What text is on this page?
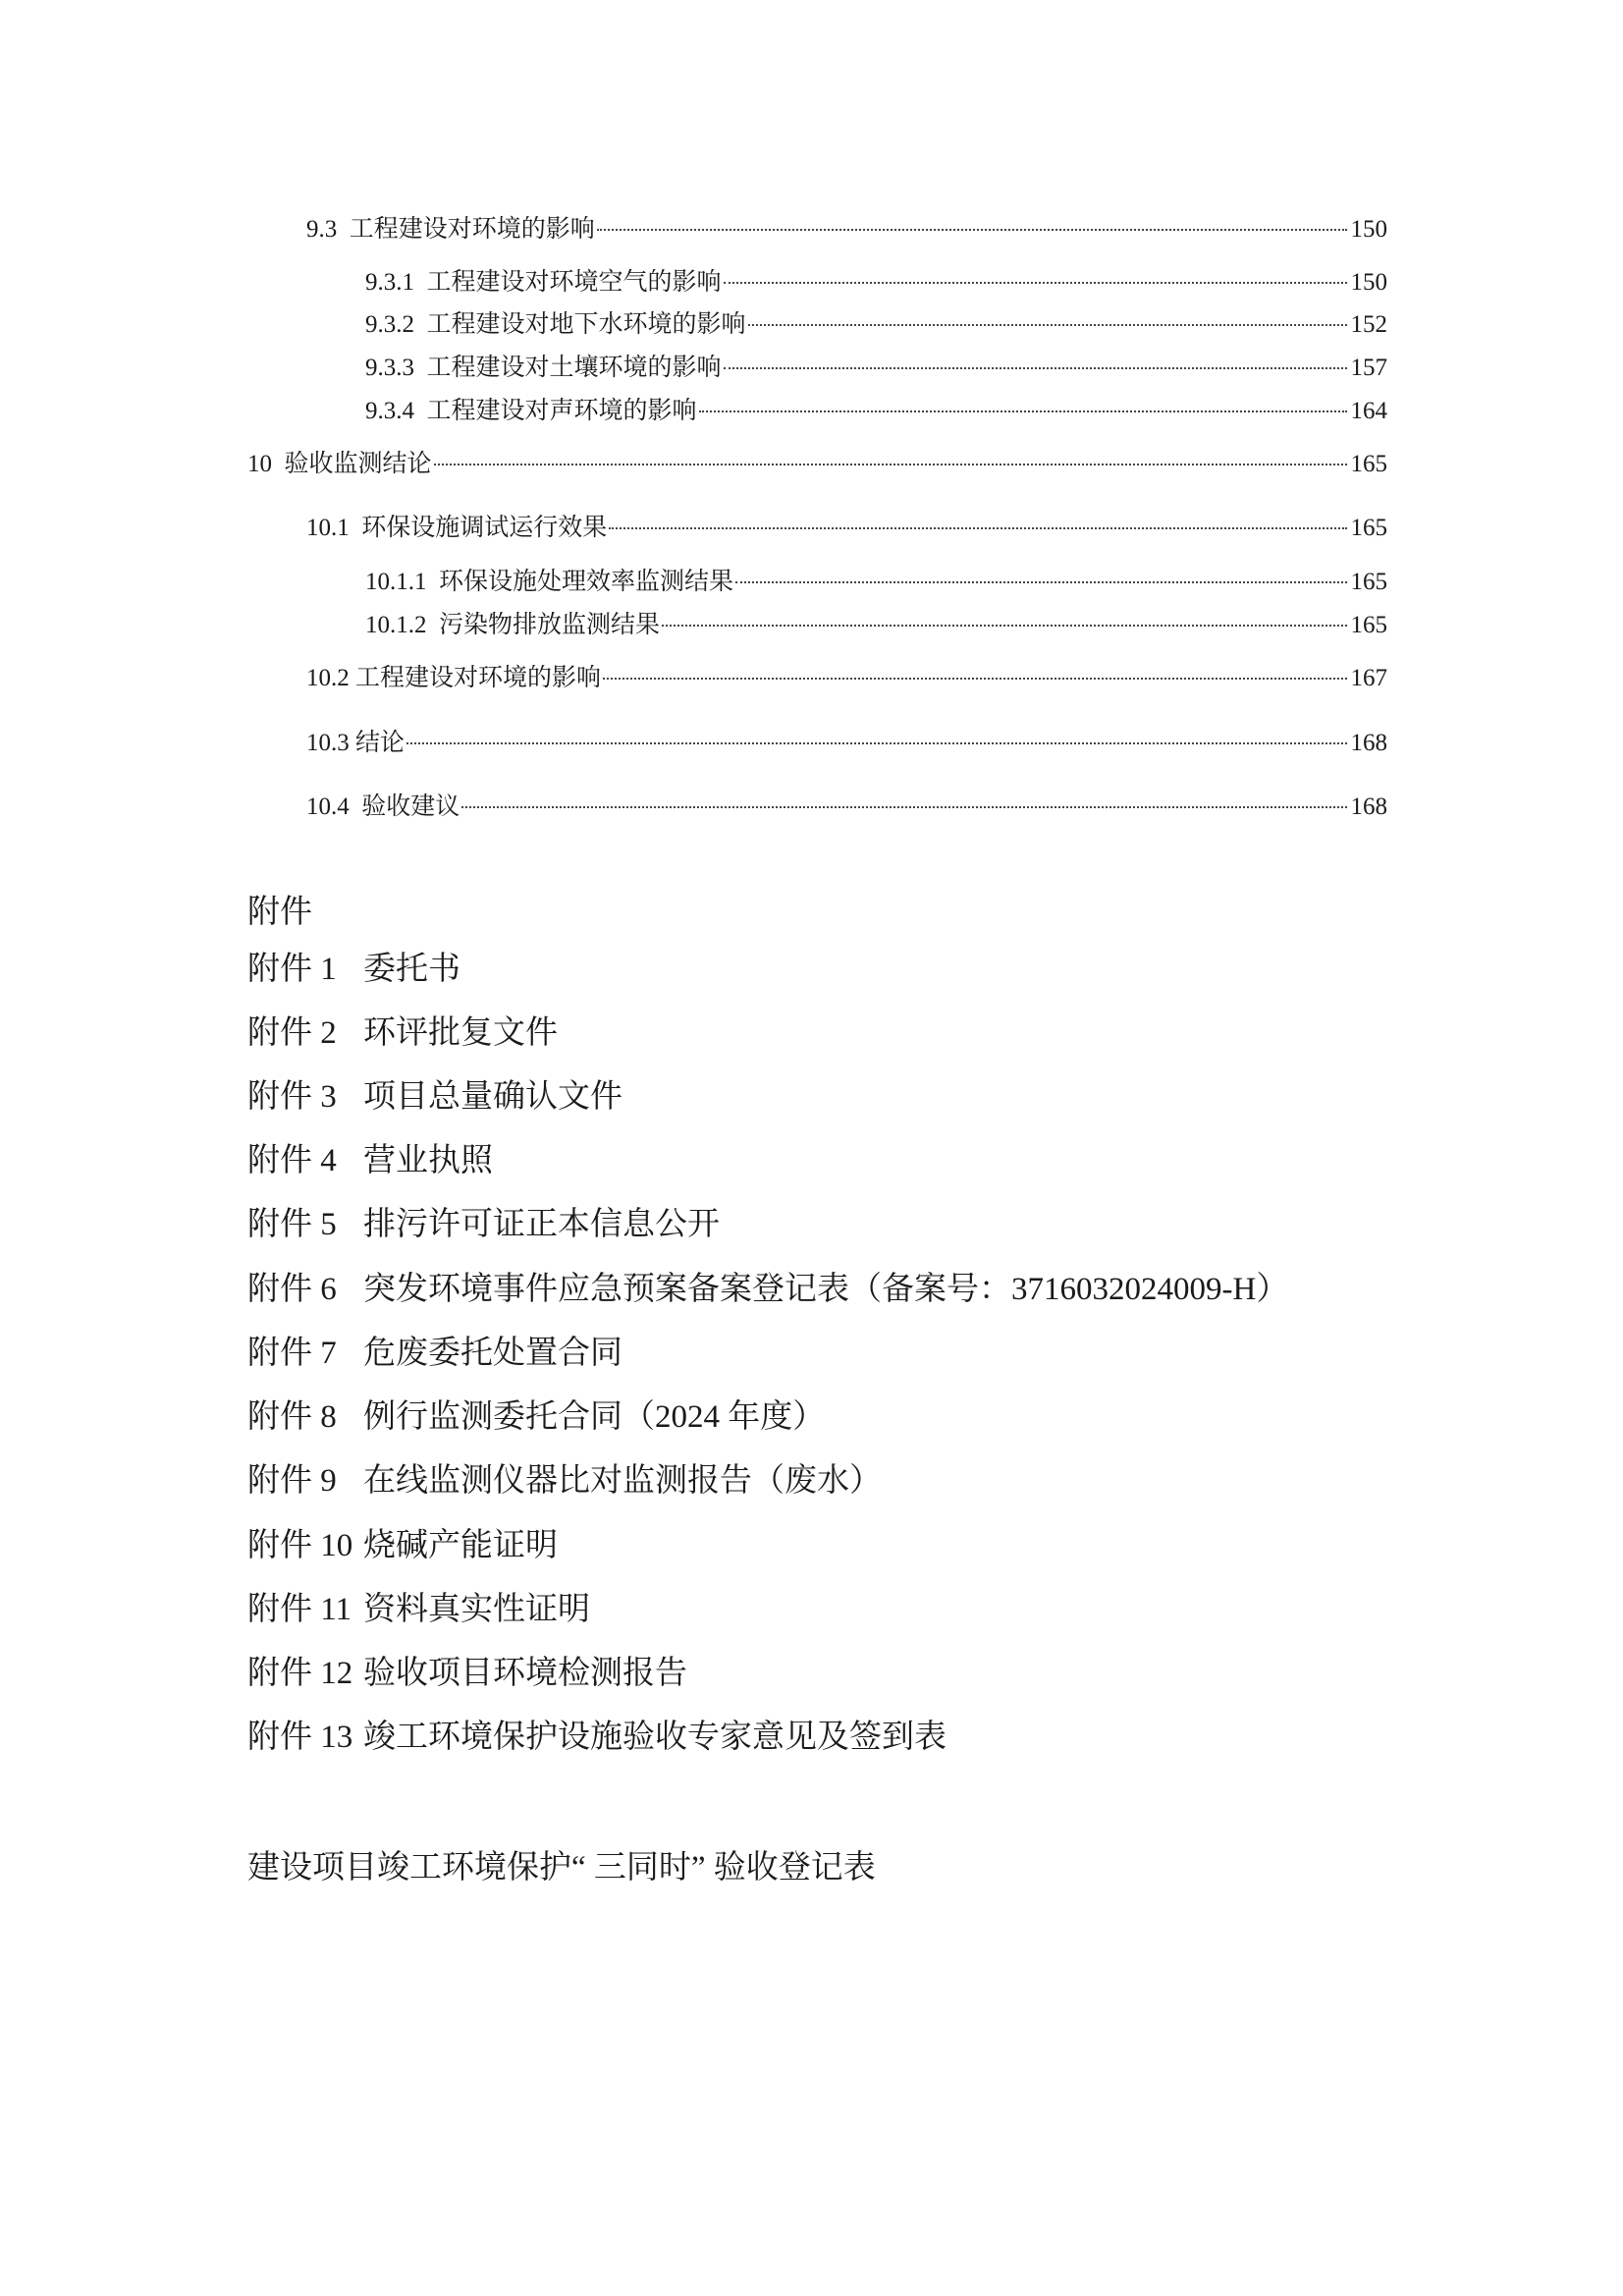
9.3 工程建设对环境的影响	150
9.3.1 工程建设对环境空气的影响	150
9.3.2 工程建设对地下水环境的影响	152
9.3.3 工程建设对土壤环境的影响	157
9.3.4 工程建设对声环境的影响	164
10 验收监测结论	165
10.1 环保设施调试运行效果	165
10.1.1 环保设施处理效率监测结果	165
10.1.2 污染物排放监测结果	165
10.2 工程建设对环境的影响	167
10.3 结论	168
10.4 验收建议	168
附件
附件 1 委托书
附件 2 环评批复文件
附件 3 项目总量确认文件
附件 4 营业执照
附件 5 排污许可证正本信息公开
附件 6 突发环境事件应急预案备案登记表（备案号：3716032024009-H）
附件 7 危废委托处置合同
附件 8 例行监测委托合同（2024 年度）
附件 9 在线监测仪器比对监测报告（废水）
附件 10 烧碱产能证明
附件 11 资料真实性证明
附件 12 验收项目环境检测报告
附件 13 竣工环境保护设施验收专家意见及签到表
建设项目竣工环境保护“ 三同时” 验收登记表
